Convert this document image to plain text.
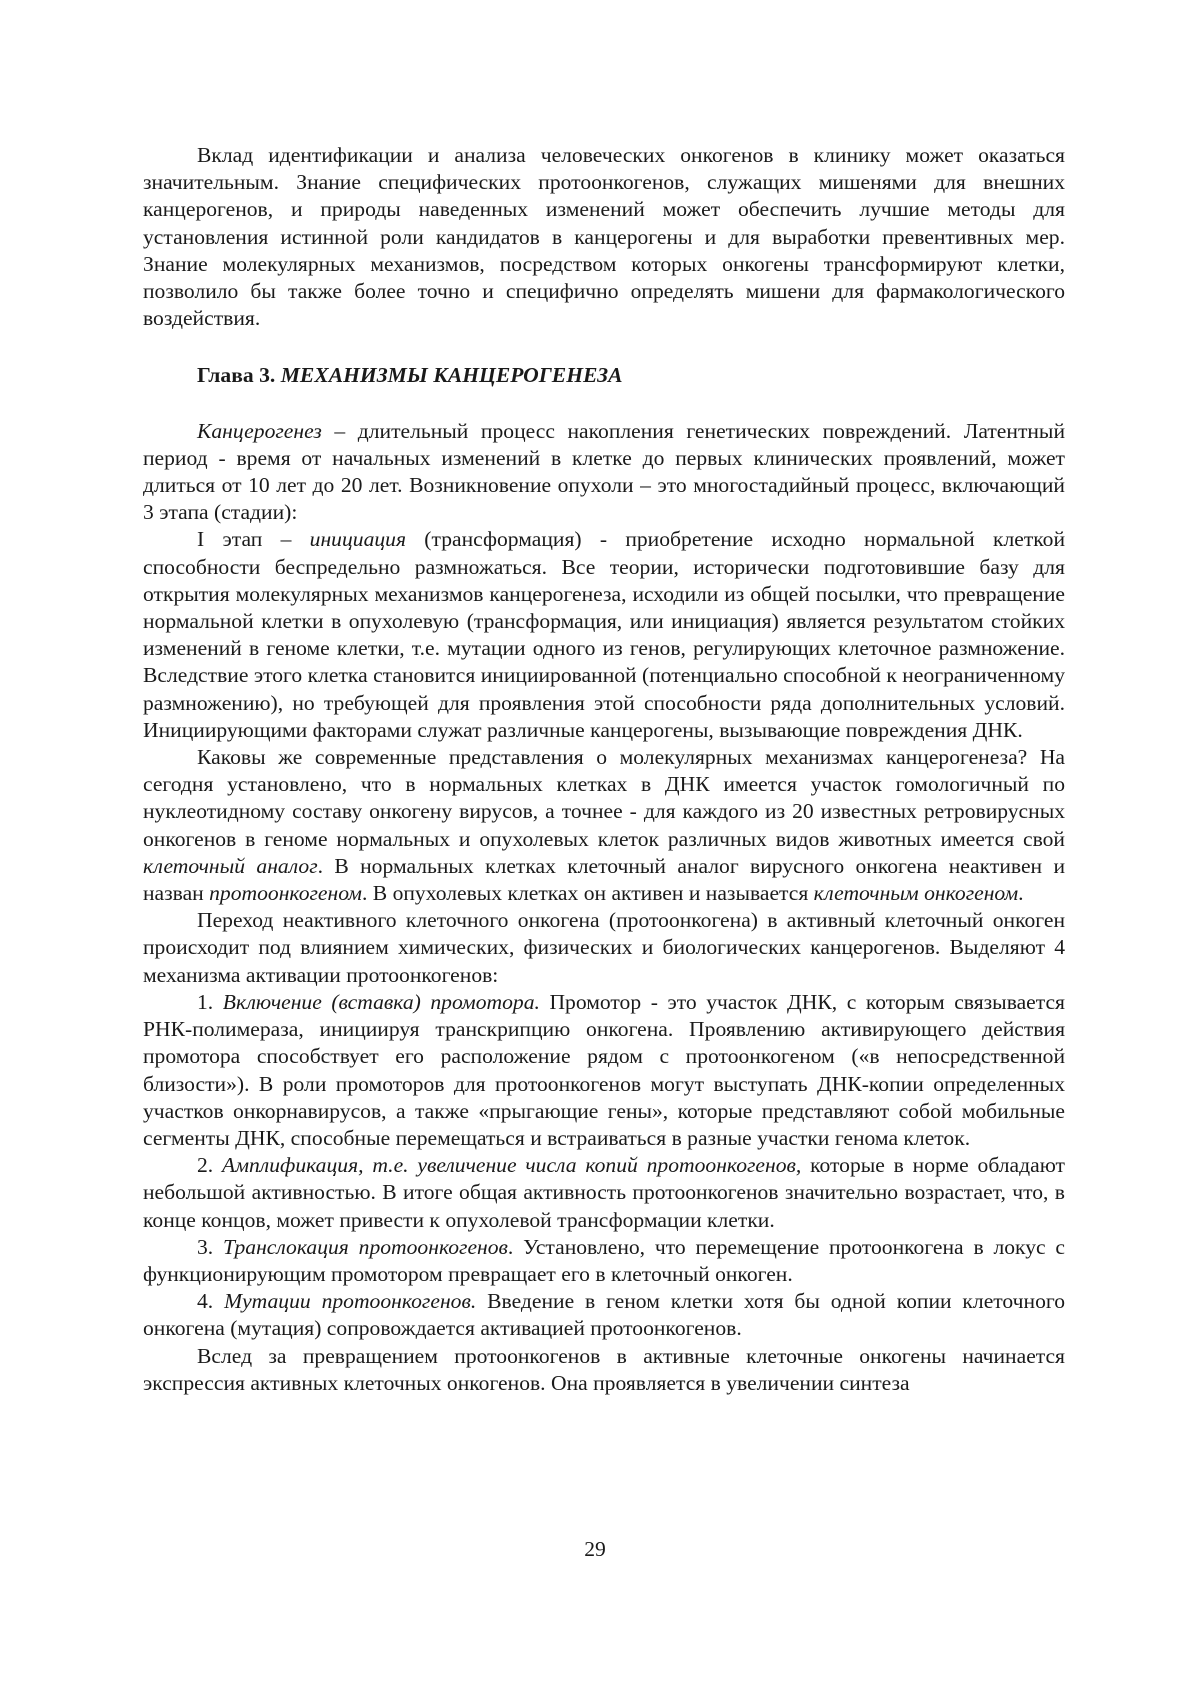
Вклад идентификации и анализа человеческих онкогенов в клинику может оказаться значительным. Знание специфических протоонкогенов, служащих мишенями для внешних канцерогенов, и природы наведенных изменений может обеспечить лучшие методы для установления истинной роли кандидатов в канцерогены и для выработки превентивных мер. Знание молекулярных механизмов, посредством которых онкогены трансформируют клетки, позволило бы также более точно и специфично определять мишени для фармакологического воздействия.

Глава 3. МЕХАНИЗМЫ КАНЦЕРОГЕНЕЗА

Канцерогенез – длительный процесс накопления генетических повреждений. Латентный период - время от начальных изменений в клетке до первых клинических проявлений, может длиться от 10 лет до 20 лет. Возникновение опухоли – это многостадийный процесс, включающий 3 этапа (стадии):

I этап – инициация (трансформация) - приобретение исходно нормальной клеткой способности беспредельно размножаться. Все теории, исторически подготовившие базу для открытия молекулярных механизмов канцерогенеза, исходили из общей посылки, что превращение нормальной клетки в опухолевую (трансформация, или инициация) является результатом стойких изменений в геноме клетки, т.е. мутации одного из генов, регулирующих клеточное размножение. Вследствие этого клетка становится инициированной (потенциально способной к неограниченному размножению), но требующей для проявления этой способности ряда дополнительных условий. Инициирующими факторами служат различные канцерогены, вызывающие повреждения ДНК.

Каковы же современные представления о молекулярных механизмах канцерогенеза? На сегодня установлено, что в нормальных клетках в ДНК имеется участок гомологичный по нуклеотидному составу онкогену вирусов, а точнее - для каждого из 20 известных ретровирусных онкогенов в геноме нормальных и опухолевых клеток различных видов животных имеется свой клеточный аналог. В нормальных клетках клеточный аналог вирусного онкогена неактивен и назван протоонкогеном. В опухолевых клетках он активен и называется клеточным онкогеном.

Переход неактивного клеточного онкогена (протоонкогена) в активный клеточный онкоген происходит под влиянием химических, физических и биологических канцерогенов. Выделяют 4 механизма активации протоонкогенов:

1. Включение (вставка) промотора. Промотор - это участок ДНК, с которым связывается РНК-полимераза, инициируя транскрипцию онкогена. Проявлению активирующего действия промотора способствует его расположение рядом с протоонкогеном («в непосредственной близости»). В роли промоторов для протоонкогенов могут выступать ДНК-копии определенных участков онкорнавирусов, а также «прыгающие гены», которые представляют собой мобильные сегменты ДНК, способные перемещаться и встраиваться в разные участки генома клеток.

2. Амплификация, т.е. увеличение числа копий протоонкогенов, которые в норме обладают небольшой активностью. В итоге общая активность протоонкогенов значительно возрастает, что, в конце концов, может привести к опухолевой трансформации клетки.

3. Транслокация протоонкогенов. Установлено, что перемещение протоонкогена в локус с функционирующим промотором превращает его в клеточный онкоген.

4. Мутации протоонкогенов. Введение в геном клетки хотя бы одной копии клеточного онкогена (мутация) сопровождается активацией протоонкогенов.

Вслед за превращением протоонкогенов в активные клеточные онкогены начинается экспрессия активных клеточных онкогенов. Она проявляется в увеличении синтеза

29
